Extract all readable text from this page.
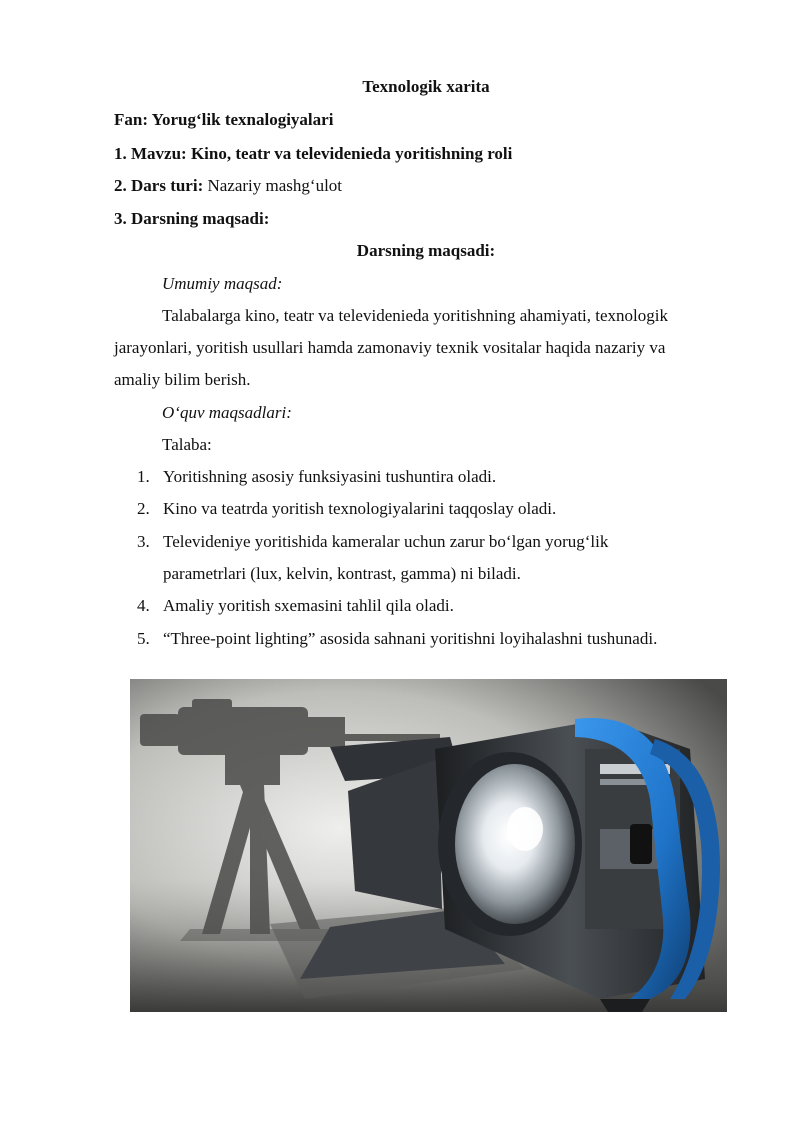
Texnologik xarita
Fan: Yorug‘lik texnalogiyalari
1. Mavzu: Kino, teatr va televidenieda yoritishning roli
2. Dars turi: Nazariy mashg‘ulot
3. Darsning maqsadi:
Darsning maqsadi:
Umumiy maqsad:
Talabalarga kino, teatr va televidenieda yoritishning ahamiyati, texnologik
jarayonlari, yoritish usullari hamda zamonaviy texnik vositalar haqida nazariy va
amaliy bilim berish.
O‘quv maqsadlari:
Talaba:
1. Yoritishning asosiy funksiyasini tushuntira oladi.
2. Kino va teatrda yoritish texnologiyalarini taqqoslay oladi.
3. Televideniye yoritishida kameralar uchun zarur bo‘lgan yorug‘lik
parametrlari (lux, kelvin, kontrast, gamma) ni biladi.
4. Amaliy yoritish sxemasini tahlil qila oladi.
5. “Three-point lighting” asosida sahnani yoritishni loyihalashni tushunadi.
